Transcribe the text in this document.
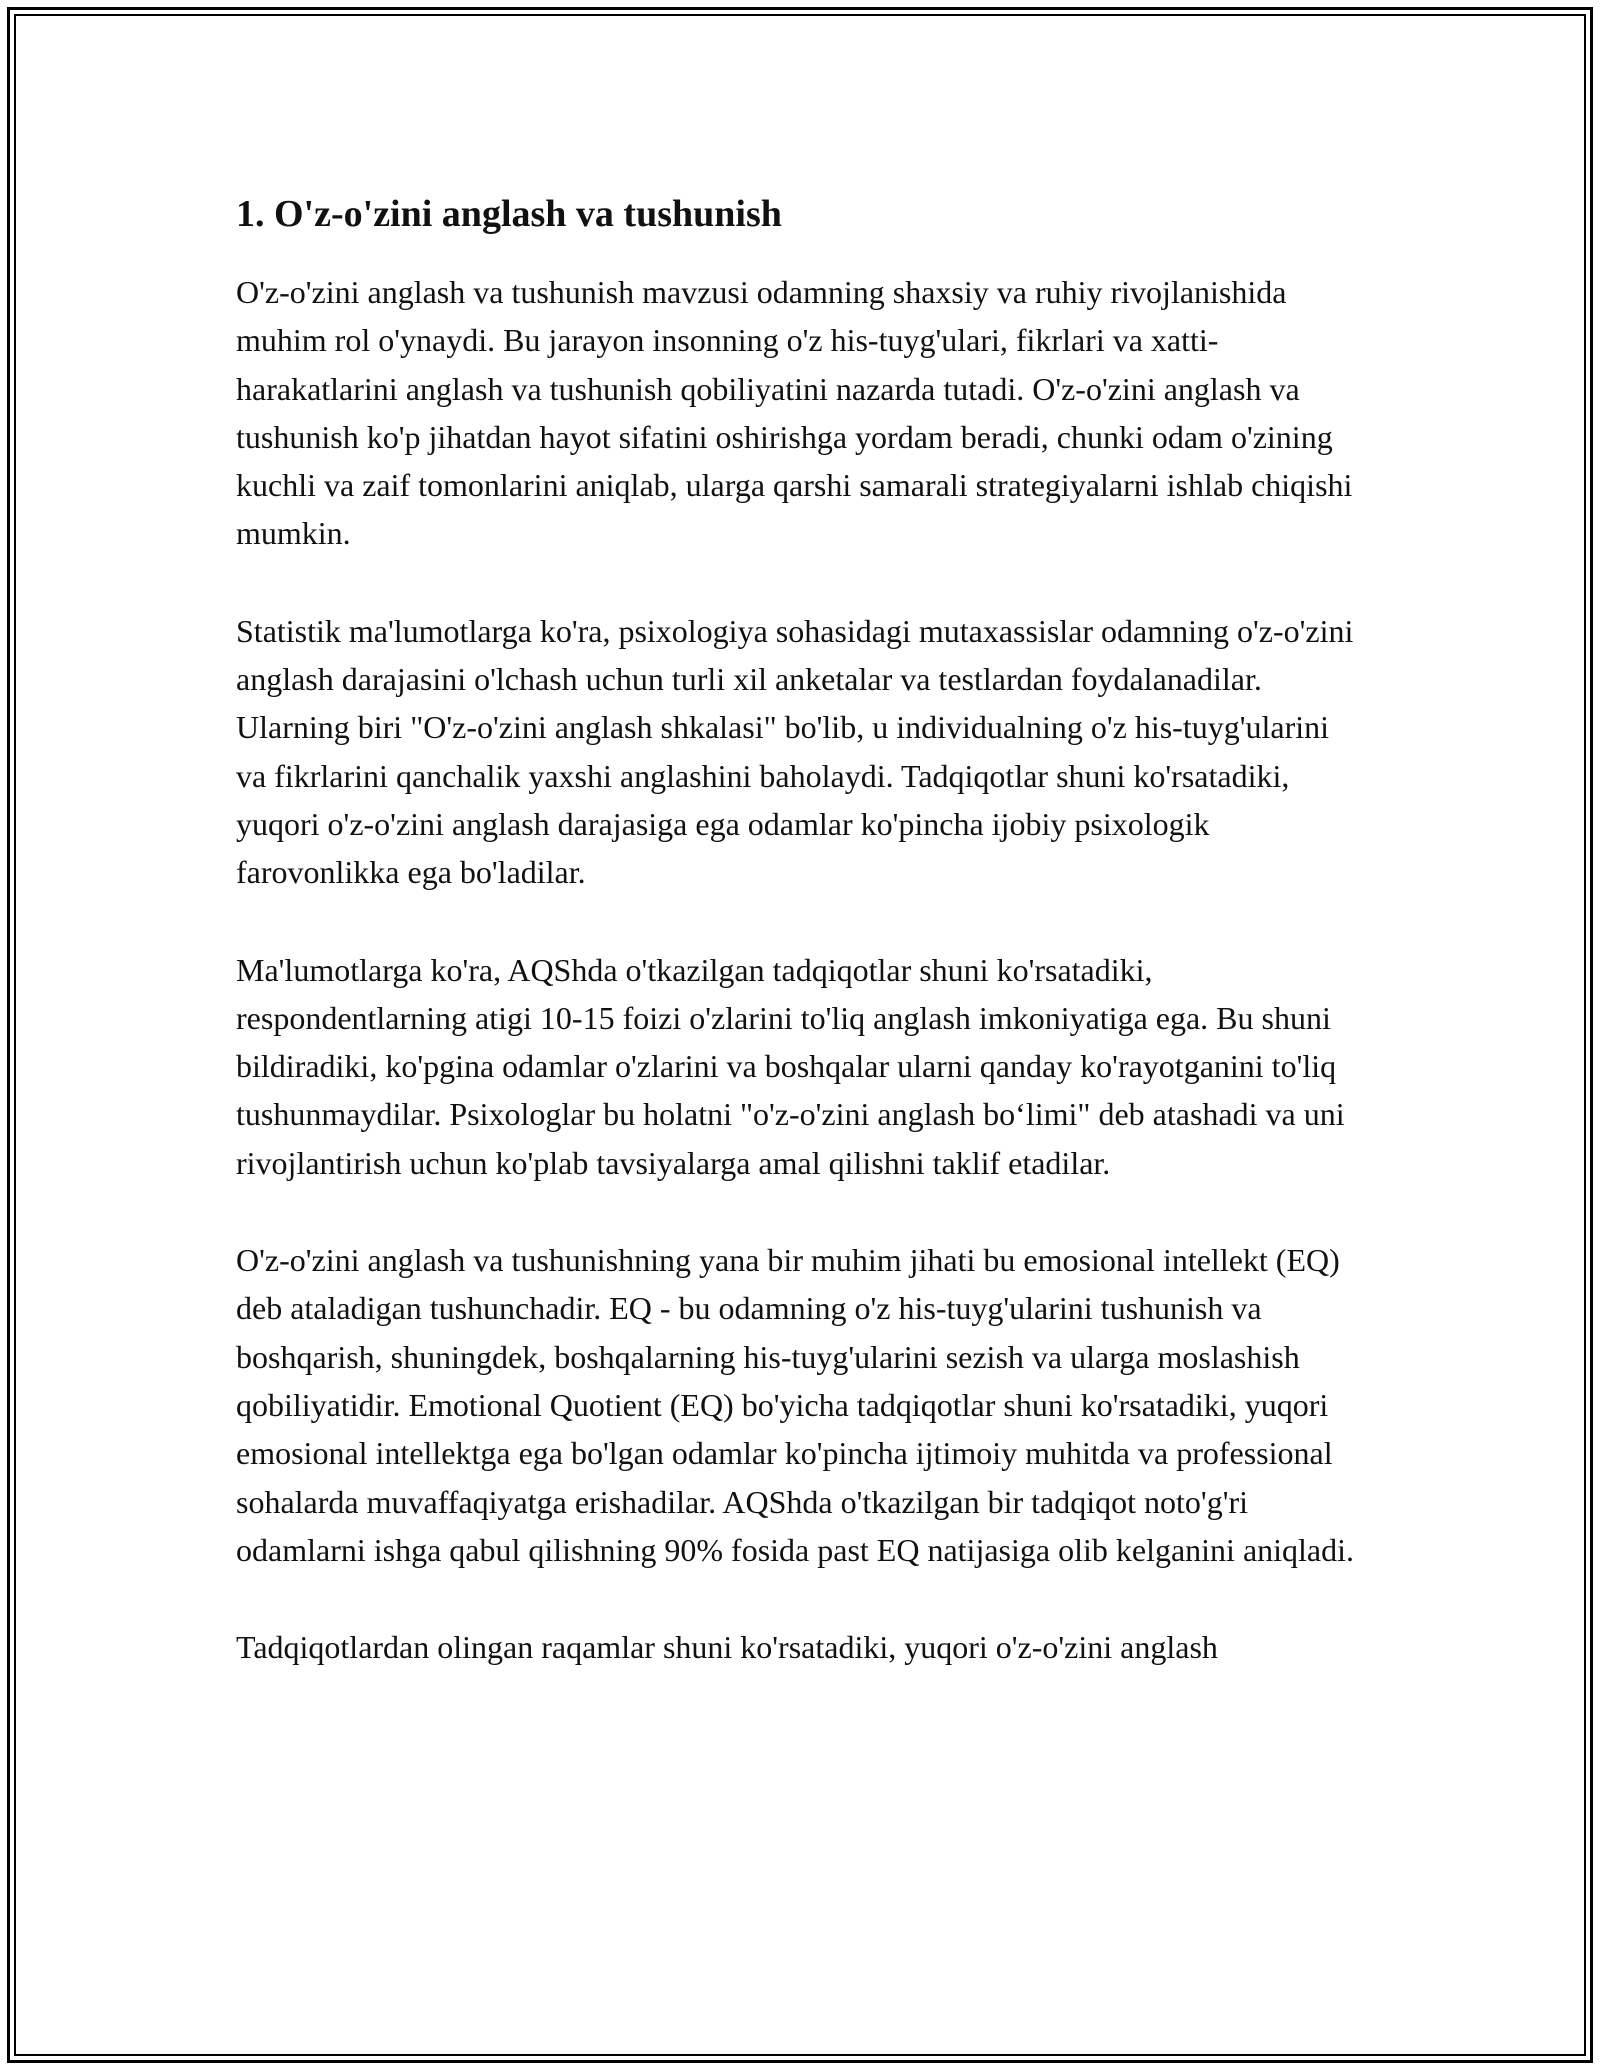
1. O'z-o'zini anglash va tushunish

O'z-o'zini anglash va tushunish mavzusi odamning shaxsiy va ruhiy rivojlanishida muhim rol o'ynaydi. Bu jarayon insonning o'z his-tuyg'ulari, fikrlari va xatti-harakatlarini anglash va tushunish qobiliyatini nazarda tutadi. O'z-o'zini anglash va tushunish ko'p jihatdan hayot sifatini oshirishga yordam beradi, chunki odam o'zining kuchli va zaif tomonlarini aniqlab, ularga qarshi samarali strategiyalarni ishlab chiqishi mumkin.

Statistik ma'lumotlarga ko'ra, psixologiya sohasidagi mutaxassislar odamning o'z-o'zini anglash darajasini o'lchash uchun turli xil anketalar va testlardan foydalanadilar. Ularning biri "O'z-o'zini anglash shkalasi" bo'lib, u individualning o'z his-tuyg'ularini va fikrlarini qanchalik yaxshi anglashini baholaydi. Tadqiqotlar shuni ko'rsatadiki, yuqori o'z-o'zini anglash darajasiga ega odamlar ko'pincha ijobiy psixologik farovonlikka ega bo'ladilar.

Ma'lumotlarga ko'ra, AQShda o'tkazilgan tadqiqotlar shuni ko'rsatadiki, respondentlarning atigi 10-15 foizi o'zlarini to'liq anglash imkoniyatiga ega. Bu shuni bildiradiki, ko'pgina odamlar o'zlarini va boshqalar ularni qanday ko'rayotganini to'liq tushunmaydilar. Psixologlar bu holatni "o'z-o'zini anglash bo‘limi" deb atashadi va uni rivojlantirish uchun ko'plab tavsiyalarga amal qilishni taklif etadilar.

O'z-o'zini anglash va tushunishning yana bir muhim jihati bu emosional intellekt (EQ) deb ataladigan tushunchadir. EQ - bu odamning o'z his-tuyg'ularini tushunish va boshqarish, shuningdek, boshqalarning his-tuyg'ularini sezish va ularga moslashish qobiliyatidir. Emotional Quotient (EQ) bo'yicha tadqiqotlar shuni ko'rsatadiki, yuqori emosional intellektga ega bo'lgan odamlar ko'pincha ijtimoiy muhitda va professional sohalarda muvaffaqiyatga erishadilar. AQShda o'tkazilgan bir tadqiqot noto'g'ri odamlarni ishga qabul qilishning 90% fosida past EQ natijasiga olib kelganini aniqladi.

Tadqiqotlardan olingan raqamlar shuni ko'rsatadiki, yuqori o'z-o'zini anglash
